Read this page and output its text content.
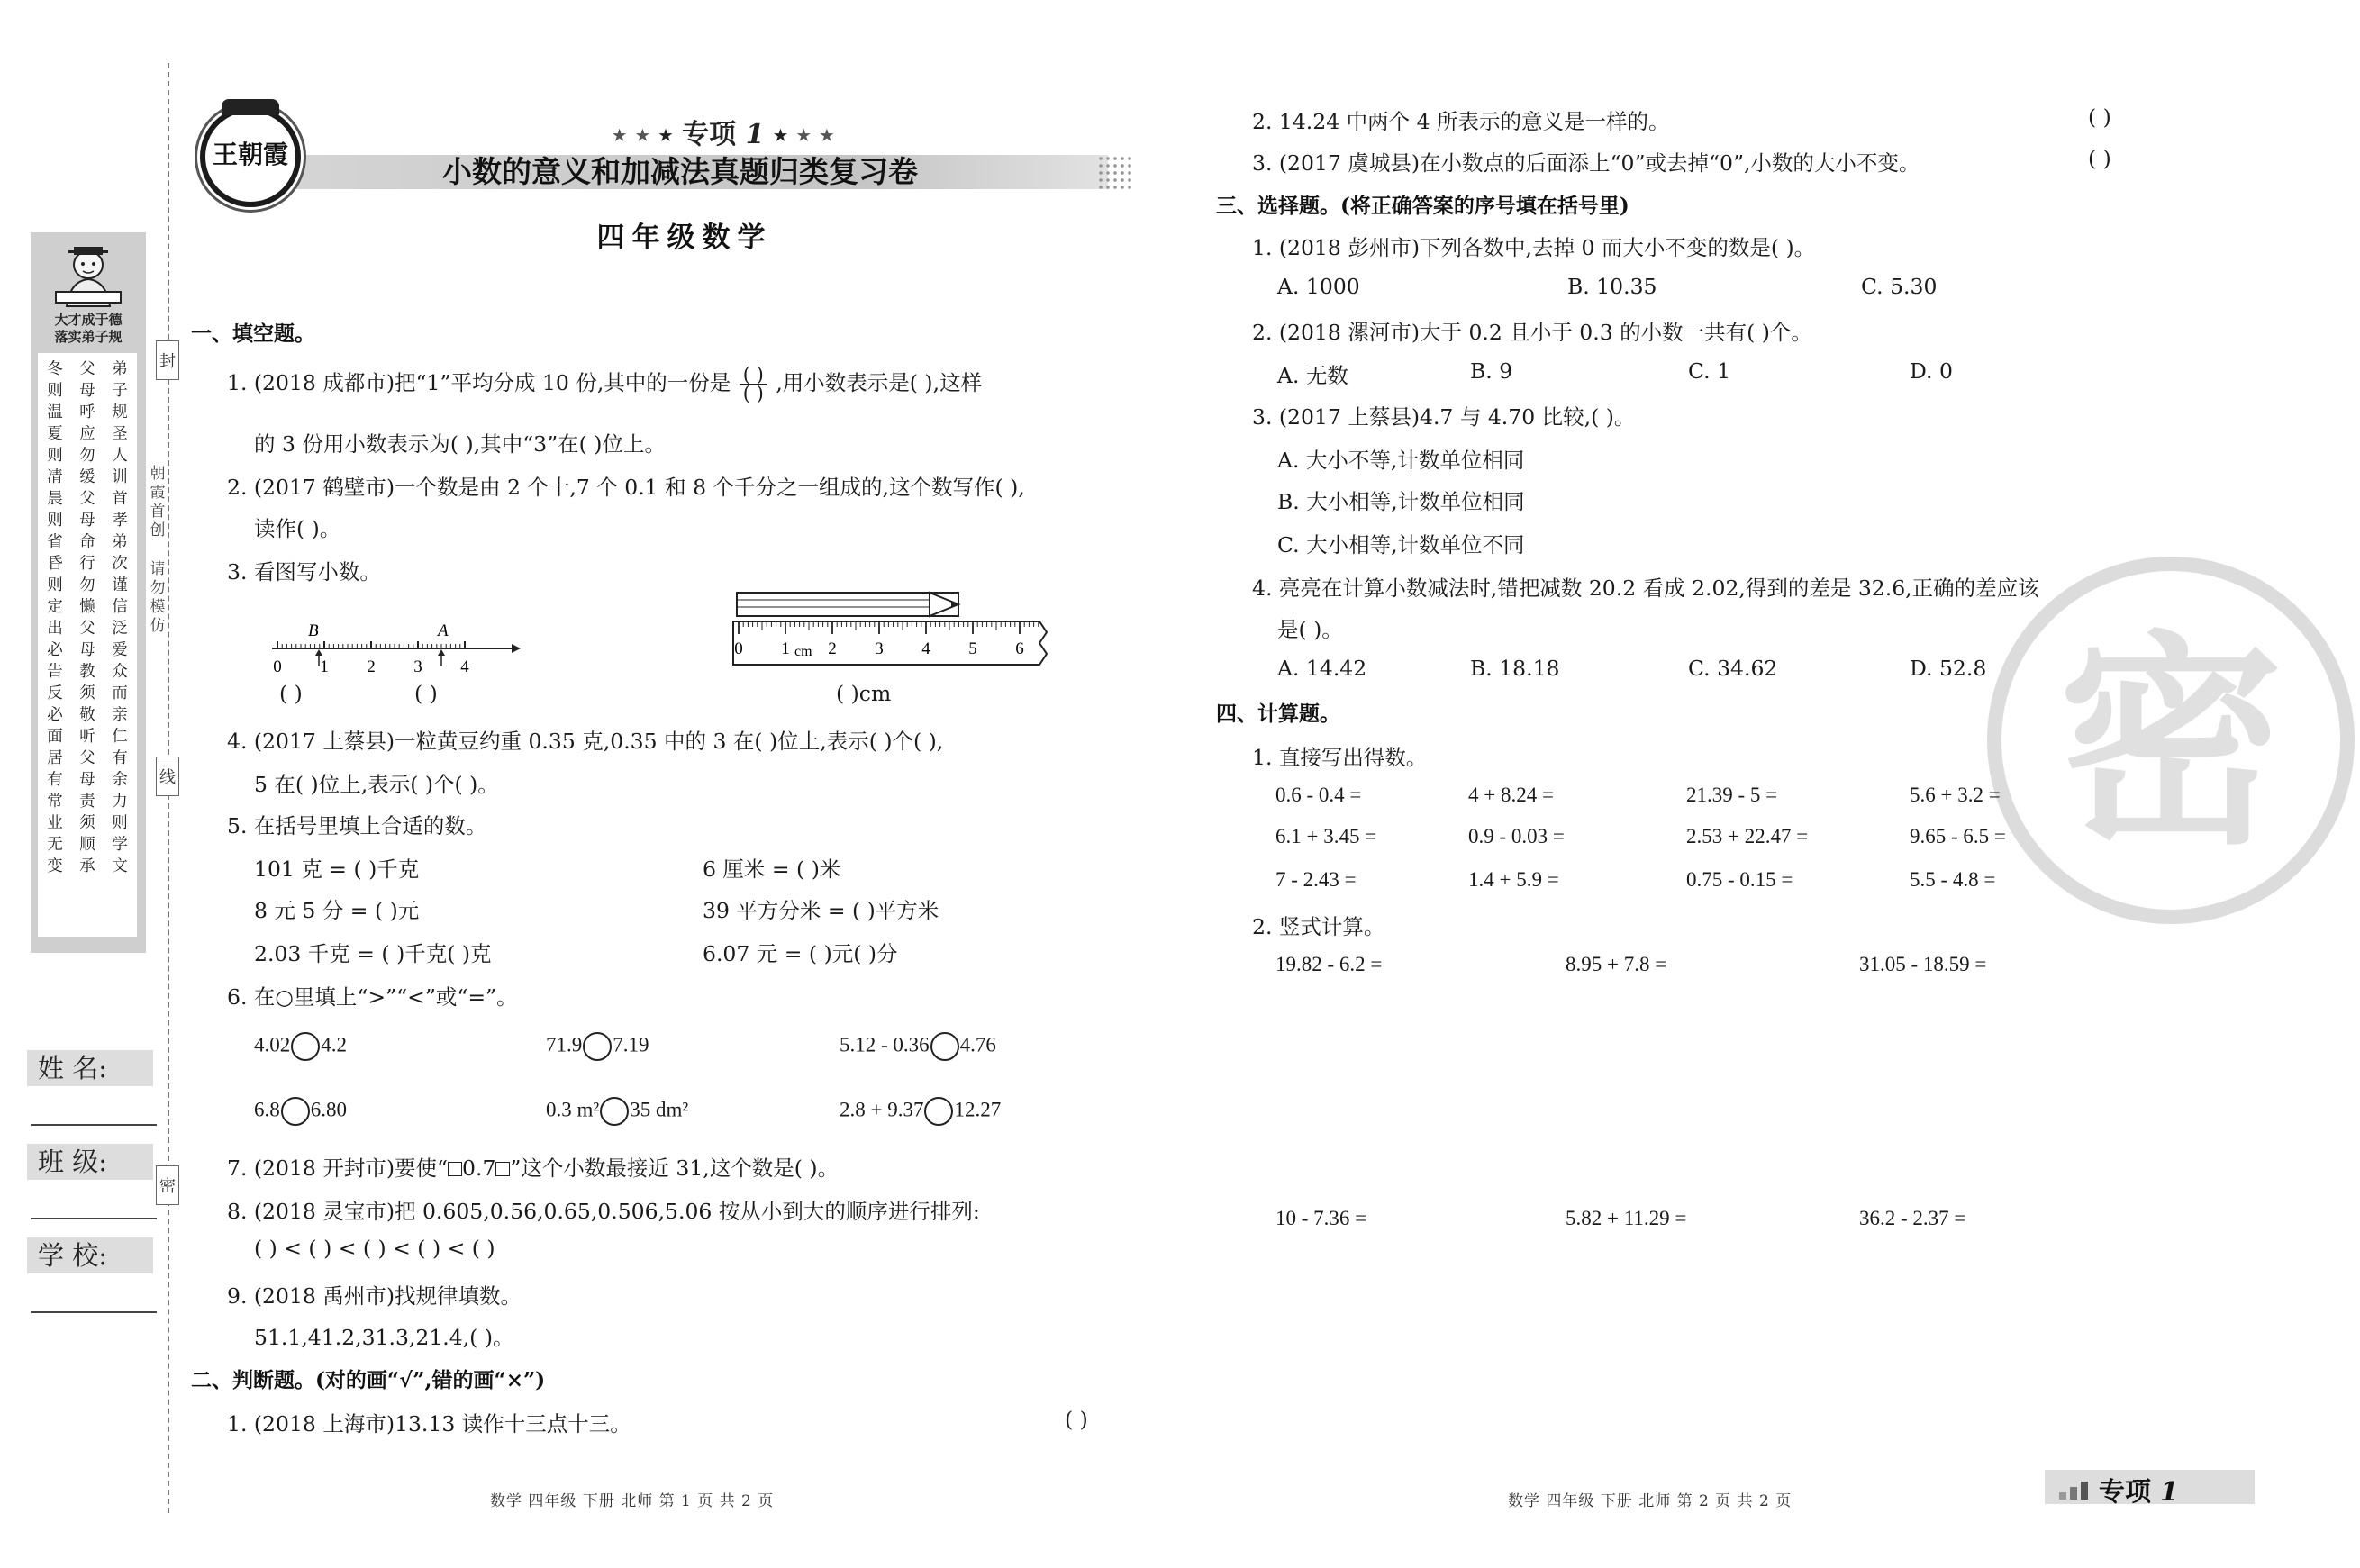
封
线
密
朝霞首创
请勿模仿
大才成于德
落实弟子规
弟子规圣人训首孝弟次谨信泛爱众而亲仁有余力则学文
父母呼应勿缓父母命行勿懒父母教须敬听父母责须顺承
冬则温夏则凊晨则省昏则定出必告反必面居有常业无变
姓 名:
班 级:
学 校:
王朝霞
★ ★ ★ 专项 1 ★ ★ ★
小数的意义和加减法真题归类复习卷
四年级数学
一、填空题。
1. (2018 成都市)把“1”平均分成 10 份,其中的一份是 $\frac{( )}{( )}$ ,用小数表示是( ),这样
的 3 份用小数表示为( ),其中“3”在( )位上。
2. (2017 鹤壁市)一个数是由 2 个十,7 个 0.1 和 8 个千分之一组成的,这个数写作( ),
读作( )。
3. 看图写小数。
B	A
0 1 2 3 4
( )	( )
0 1 2 3 4 5 6
cm
( )cm
4. (2017 上蔡县)一粒黄豆约重 0.35 克,0.35 中的 3 在( )位上,表示( )个( ),
5 在( )位上,表示( )个( )。
5. 在括号里填上合适的数。
101 克 = ( )千克	6 厘米 = ( )米
8 元 5 分 = ( )元	39 平方分米 = ( )平方米
2.03 千克 = ( )千克( )克	6.07 元 = ( )元( )分
6. 在○里填上“>”“<”或“=”。
4.02 4.2	71.9 7.19	5.12 - 0.36 4.76
6.8 6.80	0.3 m² 35 dm²	2.8 + 9.37 12.27
7. (2018 开封市)要使“ 0.7 ”这个小数最接近 31,这个数是( )。
8. (2018 灵宝市)把 0.605,0.56,0.65,0.506,5.06 按从小到大的顺序进行排列:
( ) < ( ) < ( ) < ( ) < ( )
9. (2018 禹州市)找规律填数。
51.1,41.2,31.3,21.4,( )。
二、判断题。(对的画“√”,错的画“×”)
1. (2018 上海市)13.13 读作十三点十三。	( )
数学 四年级 下册 北师 第 1 页 共 2 页
密
2. 14.24 中两个 4 所表示的意义是一样的。	( )
3. (2017 虞城县)在小数点的后面添上“0”或去掉“0”,小数的大小不变。	( )
三、选择题。(将正确答案的序号填在括号里)
1. (2018 彭州市)下列各数中,去掉 0 而大小不变的数是( )。
A. 1000	B. 10.35	C. 5.30
2. (2018 漯河市)大于 0.2 且小于 0.3 的小数一共有( )个。
A. 无数	B. 9	C. 1	D. 0
3. (2017 上蔡县)4.7 与 4.70 比较,( )。
A. 大小不等,计数单位相同
B. 大小相等,计数单位相同
C. 大小相等,计数单位不同
4. 亮亮在计算小数减法时,错把减数 20.2 看成 2.02,得到的差是 32.6,正确的差应该
是( )。
A. 14.42	B. 18.18	C. 34.62	D. 52.8
四、计算题。
1. 直接写出得数。
0.6 - 0.4 =	4 + 8.24 =	21.39 - 5 =	5.6 + 3.2 =
6.1 + 3.45 =	0.9 - 0.03 =	2.53 + 22.47 =	9.65 - 6.5 =
7 - 2.43 =	1.4 + 5.9 =	0.75 - 0.15 =	5.5 - 4.8 =
2. 竖式计算。
19.82 - 6.2 =	8.95 + 7.8 =	31.05 - 18.59 =
10 - 7.36 =	5.82 + 11.29 =	36.2 - 2.37 =
数学 四年级 下册 北师 第 2 页 共 2 页	专项 1
